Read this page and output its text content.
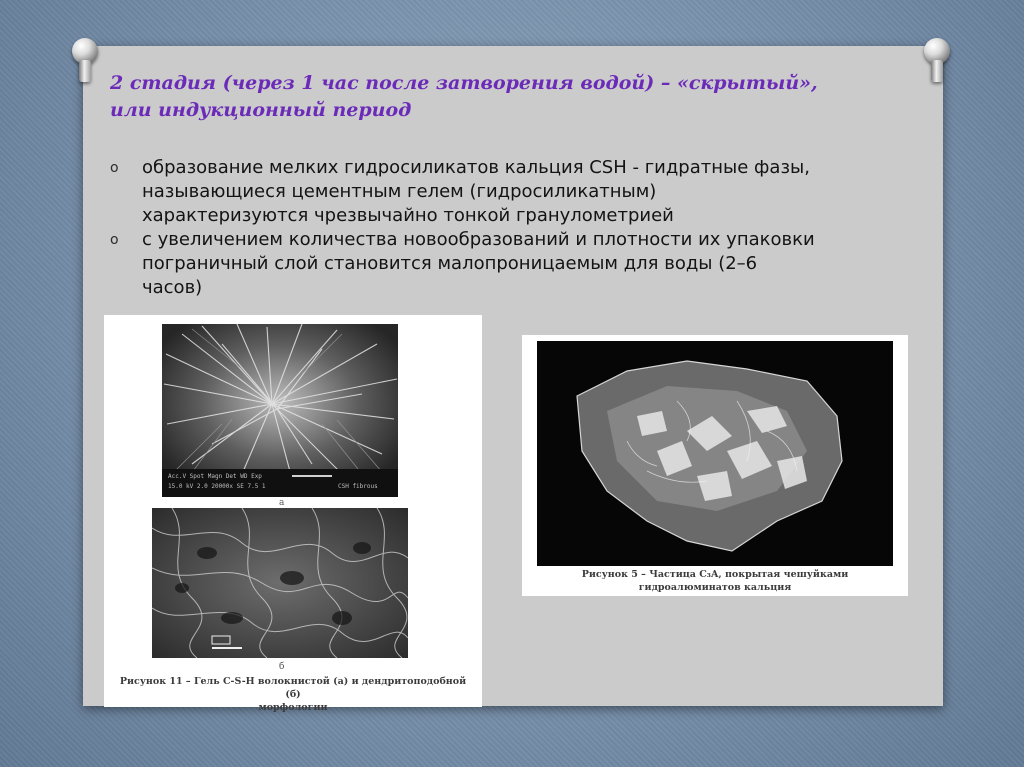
2 стадия (через 1 час после затворения водой) – «скрытый»,
или индукционный период
o образование мелких гидросиликатов кальция CSH - гидратные фазы,
называющиеся цементным гелем (гидросиликатным)
характеризуются чрезвычайно тонкой гранулометрией
o с увеличением количества новообразований и плотности их упаковки
пограничный слой становится малопроницаемым для воды (2–6
часов)
Acc.V Spot Magn Det WD Exp
15.0 kV 2.0 20000x SE 7.5 1	CSH fibrous
а
б
Рисунок 11 – Гель C-S-H волокнистой (а) и дендритоподобной (б)
морфологии
Рисунок 5 – Частица C₃A, покрытая чешуйками
гидроалюминатов кальция
